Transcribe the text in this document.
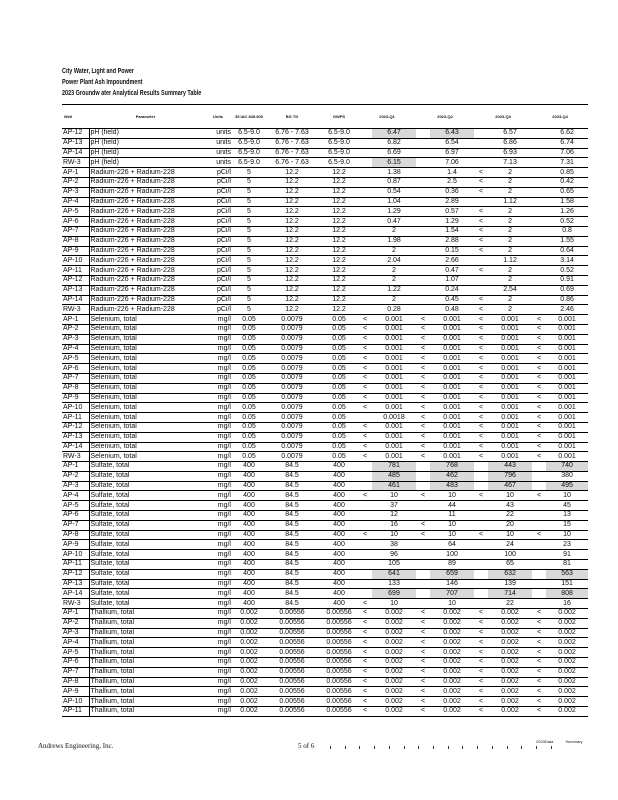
City Water, Light and Power
Power Plant Ash Impoundment
2023 Groundw ater Analytical Results Summary Table
Well	Parameter	Units	35 IAC 845.600	BG TD	GWPS	2023-Q1		2023-Q2		2023-Q3		2023-Q4	
AP-12	pH (field)	units	6.5-9.0	6.76 - 7.63	6.5-9.0		6.47		6.43		6.57		6.62
AP-13	pH (field)	units	6.5-9.0	6.76 - 7.63	6.5-9.0		6.82		6.54		6.86		6.74
AP-14	pH (field)	units	6.5-9.0	6.76 - 7.63	6.5-9.0		6.69		6.97		6.93		7.06
RW-3	pH (field)	units	6.5-9.0	6.76 - 7.63	6.5-9.0		6.15		7.06		7.13		7.31
AP-1	Radium-226 + Radium-228	pCi/l	5	12.2	12.2		1.38		1.4	<	2		0.85
AP-2	Radium-226 + Radium-228	pCi/l	5	12.2	12.2		0.87		2.5	<	2		0.42
AP-3	Radium-226 + Radium-228	pCi/l	5	12.2	12.2		0.54		0.36	<	2		0.65
AP-4	Radium-226 + Radium-228	pCi/l	5	12.2	12.2		1.04		2.89		1.12		1.58
AP-5	Radium-226 + Radium-228	pCi/l	5	12.2	12.2		1.29		0.57	<	2		1.26
AP-6	Radium-226 + Radium-228	pCi/l	5	12.2	12.2		0.47		1.29	<	2		0.52
AP-7	Radium-226 + Radium-228	pCi/l	5	12.2	12.2		2		1.54	<	2		0.8
AP-8	Radium-226 + Radium-228	pCi/l	5	12.2	12.2		1.98		2.88	<	2		1.55
AP-9	Radium-226 + Radium-228	pCi/l	5	12.2	12.2		2		0.15	<	2		0.64
AP-10	Radium-226 + Radium-228	pCi/l	5	12.2	12.2		2.04		2.66		1.12		3.14
AP-11	Radium-226 + Radium-228	pCi/l	5	12.2	12.2		2		0.47	<	2		0.52
AP-12	Radium-226 + Radium-228	pCi/l	5	12.2	12.2		2		1.07		2		0.91
AP-13	Radium-226 + Radium-228	pCi/l	5	12.2	12.2		1.22		0.24		2.54		0.69
AP-14	Radium-226 + Radium-228	pCi/l	5	12.2	12.2		2		0.45	<	2		0.86
RW-3	Radium-226 + Radium-228	pCi/l	5	12.2	12.2		0.28		0.48	<	2		2.46
AP-1	Selenium, total	mg/l	0.05	0.0079	0.05	<	0.001	<	0.001	<	0.001	<	0.001
AP-2	Selenium, total	mg/l	0.05	0.0079	0.05	<	0.001	<	0.001	<	0.001	<	0.001
AP-3	Selenium, total	mg/l	0.05	0.0079	0.05	<	0.001	<	0.001	<	0.001	<	0.001
AP-4	Selenium, total	mg/l	0.05	0.0079	0.05	<	0.001	<	0.001	<	0.001	<	0.001
AP-5	Selenium, total	mg/l	0.05	0.0079	0.05	<	0.001	<	0.001	<	0.001	<	0.001
AP-6	Selenium, total	mg/l	0.05	0.0079	0.05	<	0.001	<	0.001	<	0.001	<	0.001
AP-7	Selenium, total	mg/l	0.05	0.0079	0.05	<	0.001	<	0.001	<	0.001	<	0.001
AP-8	Selenium, total	mg/l	0.05	0.0079	0.05	<	0.001	<	0.001	<	0.001	<	0.001
AP-9	Selenium, total	mg/l	0.05	0.0079	0.05	<	0.001	<	0.001	<	0.001	<	0.001
AP-10	Selenium, total	mg/l	0.05	0.0079	0.05	<	0.001	<	0.001	<	0.001	<	0.001
AP-11	Selenium, total	mg/l	0.05	0.0079	0.05		0.0018	<	0.001	<	0.001	<	0.001
AP-12	Selenium, total	mg/l	0.05	0.0079	0.05	<	0.001	<	0.001	<	0.001	<	0.001
AP-13	Selenium, total	mg/l	0.05	0.0079	0.05	<	0.001	<	0.001	<	0.001	<	0.001
AP-14	Selenium, total	mg/l	0.05	0.0079	0.05	<	0.001	<	0.001	<	0.001	<	0.001
RW-3	Selenium, total	mg/l	0.05	0.0079	0.05	<	0.001	<	0.001	<	0.001	<	0.001
AP-1	Sulfate, total	mg/l	400	84.5	400		781		768		443		740
AP-2	Sulfate, total	mg/l	400	84.5	400		485		462		796		380
AP-3	Sulfate, total	mg/l	400	84.5	400		461		483		467		495
AP-4	Sulfate, total	mg/l	400	84.5	400	<	10	<	10	<	10	<	10
AP-5	Sulfate, total	mg/l	400	84.5	400		37		44		43		45
AP-6	Sulfate, total	mg/l	400	84.5	400		12		11		22		13
AP-7	Sulfate, total	mg/l	400	84.5	400		16	<	10		20		15
AP-8	Sulfate, total	mg/l	400	84.5	400	<	10	<	10	<	10	<	10
AP-9	Sulfate, total	mg/l	400	84.5	400		38		64		24		23
AP-10	Sulfate, total	mg/l	400	84.5	400		96		100		100		91
AP-11	Sulfate, total	mg/l	400	84.5	400		105		89		65		81
AP-12	Sulfate, total	mg/l	400	84.5	400		641		659		632		563
AP-13	Sulfate, total	mg/l	400	84.5	400		133		146		139		151
AP-14	Sulfate, total	mg/l	400	84.5	400		699		707		714		808
RW-3	Sulfate, total	mg/l	400	84.5	400	<	10		10		22		16
AP-1	Thallium, total	mg/l	0.002	0.00556	0.00556	<	0.002	<	0.002	<	0.002	<	0.002
AP-2	Thallium, total	mg/l	0.002	0.00556	0.00556	<	0.002	<	0.002	<	0.002	<	0.002
AP-3	Thallium, total	mg/l	0.002	0.00556	0.00556	<	0.002	<	0.002	<	0.002	<	0.002
AP-4	Thallium, total	mg/l	0.002	0.00556	0.00556	<	0.002	<	0.002	<	0.002	<	0.002
AP-5	Thallium, total	mg/l	0.002	0.00556	0.00556	<	0.002	<	0.002	<	0.002	<	0.002
AP-6	Thallium, total	mg/l	0.002	0.00556	0.00556	<	0.002	<	0.002	<	0.002	<	0.002
AP-7	Thallium, total	mg/l	0.002	0.00556	0.00556	<	0.002	<	0.002	<	0.002	<	0.002
AP-8	Thallium, total	mg/l	0.002	0.00556	0.00556	<	0.002	<	0.002	<	0.002	<	0.002
AP-9	Thallium, total	mg/l	0.002	0.00556	0.00556	<	0.002	<	0.002	<	0.002	<	0.002
AP-10	Thallium, total	mg/l	0.002	0.00556	0.00556	<	0.002	<	0.002	<	0.002	<	0.002
AP-11	Thallium, total	mg/l	0.002	0.00556	0.00556	<	0.002	<	0.002	<	0.002	<	0.002
Andrews Engineering, Inc.	5 of 6
2023Data	Summary
